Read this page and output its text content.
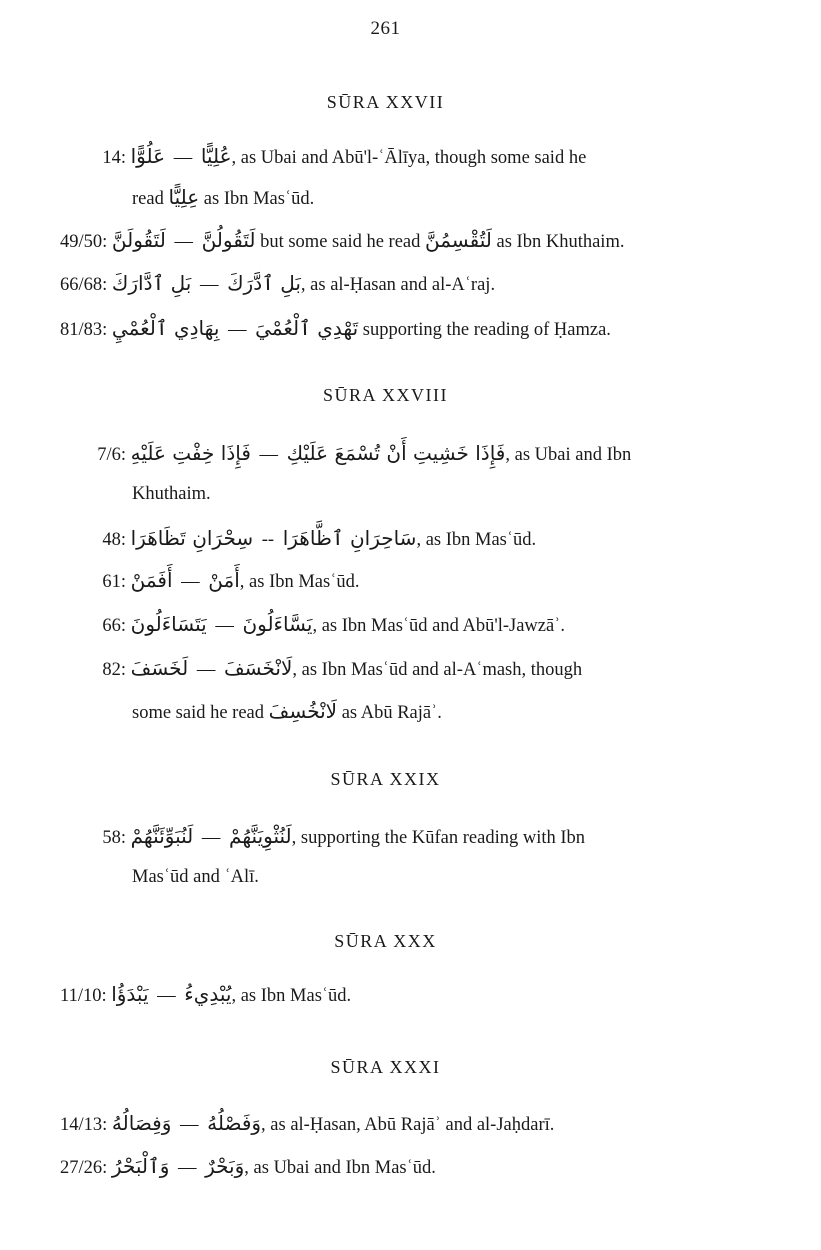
261
SŪRA XXVII
14: عَلُوًّا — عُلِيًّا, as Ubai and Abū'l-ʿĀlīya, though some said he
read عِلِيًّا as Ibn Masʿūd.
49/50: لَتَقُولَنَّ — لَتَقُولُنَّ but some said he read لَتُقْسِمُنَّ as Ibn Khuthaim.
66/68: بَلِ ٱدَّارَكَ — بَلِ ٱدَّرَكَ, as al-Ḥasan and al-Aʿraj.
81/83: بِهَادِي ٱلْعُمْيِ — تَهْدِي ٱلْعُمْيَ supporting the reading of Ḥamza.
SŪRA XXVIII
7/6: فَإِذَا خِفْتِ عَلَيْهِ — فَإِذَا خَشِيتِ أَنْ تُسْمَعَ عَلَيْكِ, as Ubai and Ibn
Khuthaim.
48: سِحْرَانِ تَظَاهَرَا -- سَاحِرَانِ ٱظَّاهَرَا, as Ibn Masʿūd.
61: أَفَمَنْ — أَمَنْ, as Ibn Masʿūd.
66: يَتَسَاءَلُونَ — يَسَّاءَلُونَ, as Ibn Masʿūd and Abū'l-Jawzāʾ.
82: لَخَسَفَ — لَانْخَسَفَ, as Ibn Masʿūd and al-Aʿmash, though
some said he read لَانْخُسِفَ as Abū Rajāʾ.
SŪRA XXIX
58: لَنُبَوِّئَنَّهُمْ — لَنُثْوِيَنَّهُمْ, supporting the Kūfan reading with Ibn
Masʿūd and ʿAlī.
SŪRA XXX
11/10: يَبْدَؤُا — يُبْدِيءُ, as Ibn Masʿūd.
SŪRA XXXI
14/13: وَفِصَالُهُ — وَفَصْلُهُ, as al-Ḥasan, Abū Rajāʾ and al-Jaḥdarī.
27/26: وَٱلْبَحْرُ — وَبَحْرٌ, as Ubai and Ibn Masʿūd.
